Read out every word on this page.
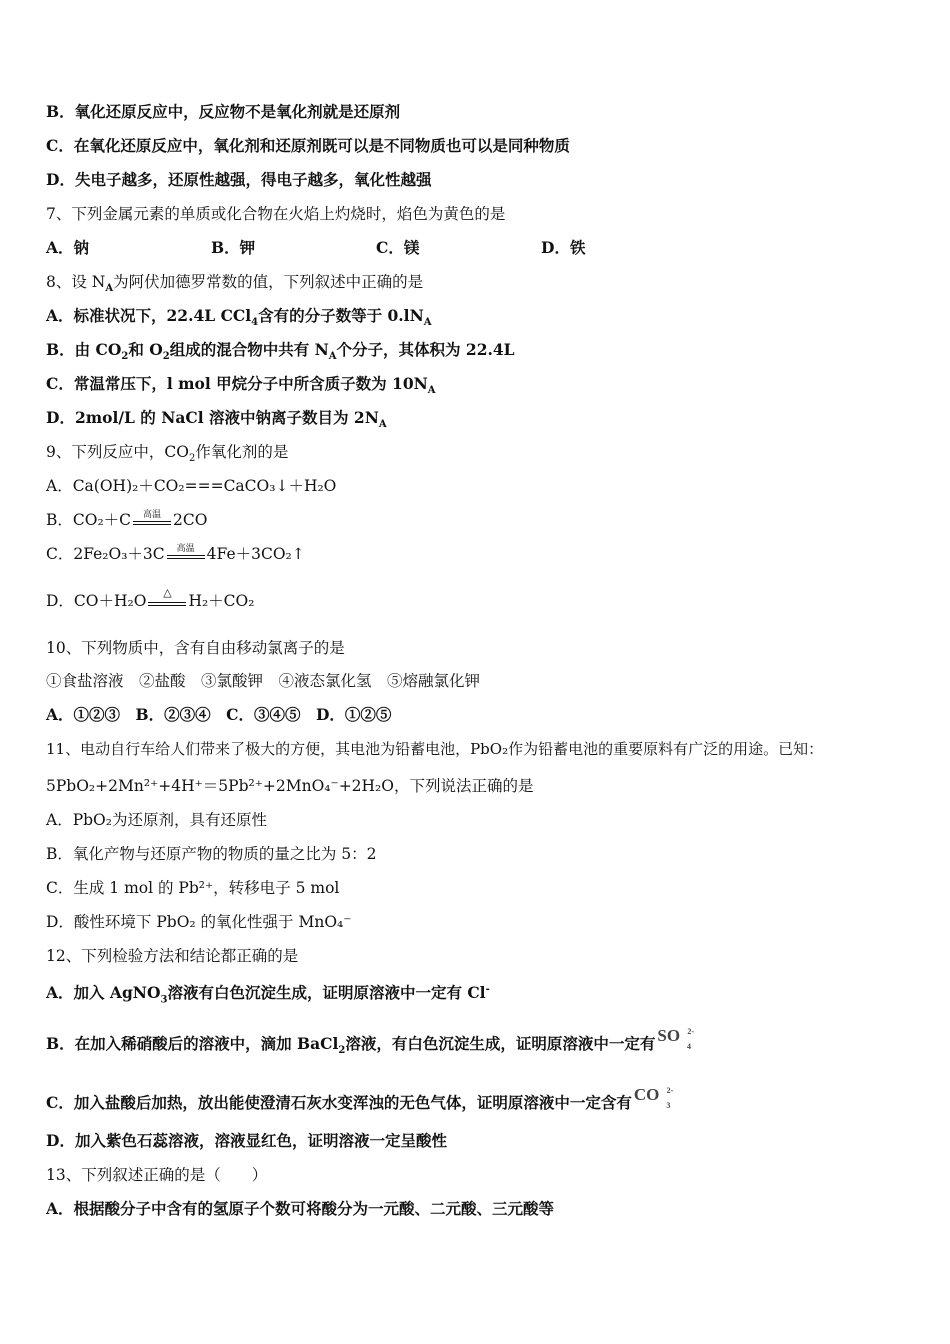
B．氧化还原反应中，反应物不是氧化剂就是还原剂
C．在氧化还原反应中，氧化剂和还原剂既可以是不同物质也可以是同种物质
D．失电子越多，还原性越强，得电子越多，氧化性越强
7、下列金属元素的单质或化合物在火焰上灼烧时，焰色为黄色的是
A．钠	B．钾	C．镁	D．铁
8、设 $N_A$为阿伏加德罗常数的值，下列叙述中正确的是
A．标准状况下，22.4L CCl$_4$含有的分子数等于 $0.lN_A$
B．由 $CO_2$和 $O_2$组成的混合物中共有 $N_A$个分子，其体积为 22.4L
C．常温常压下，l mol 甲烷分子中所含质子数为 $10N_A$
D．2mol/L 的 NaCl 溶液中钠离子数目为 $2N_A$
9、下列反应中，$CO_2$作氧化剂的是
A．Ca(OH)₂＋CO₂===CaCO₃↓＋H₂O
B．CO₂＋C	高温 2CO
C．2Fe₂O₃＋3C	高温 4Fe＋3CO₂↑
D．CO＋H₂O	△	H₂＋CO₂
10、下列物质中，含有自由移动氯离子的是
①食盐溶液　②盐酸　③氯酸钾　④液态氯化氢　⑤熔融氯化钾
A．①②③　B．②③④　C．③④⑤　D．①②⑤
11、电动自行车给人们带来了极大的方便，其电池为铅蓄电池，PbO₂作为铅蓄电池的重要原料有广泛的用途。已知：
5PbO₂+2Mn²⁺+4H⁺＝5Pb²⁺+2MnO₄⁻+2H₂O，下列说法正确的是
A．PbO₂为还原剂，具有还原性
B．氧化产物与还原产物的物质的量之比为 5：2
C．生成 1 mol 的 Pb²⁺，转移电子 5 mol
D．酸性环境下 PbO₂ 的氧化性强于 MnO₄⁻
12、下列检验方法和结论都正确的是
A．加入 AgNO$_3$溶液有白色沉淀生成，证明原溶液中一定有 Cl-
B．在加入稀硝酸后的溶液中，滴加 BaCl$_2$溶液，有白色沉淀生成，证明原溶液中一定有 SO 2-
4
C．加入盐酸后加热，放出能使澄清石灰水变浑浊的无色气体，证明原溶液中一定含有 CO 2-
3
D．加入紫色石蕊溶液，溶液显红色，证明溶液一定呈酸性
13、下列叙述正确的是（　　）
A．根据酸分子中含有的氢原子个数可将酸分为一元酸、二元酸、三元酸等
